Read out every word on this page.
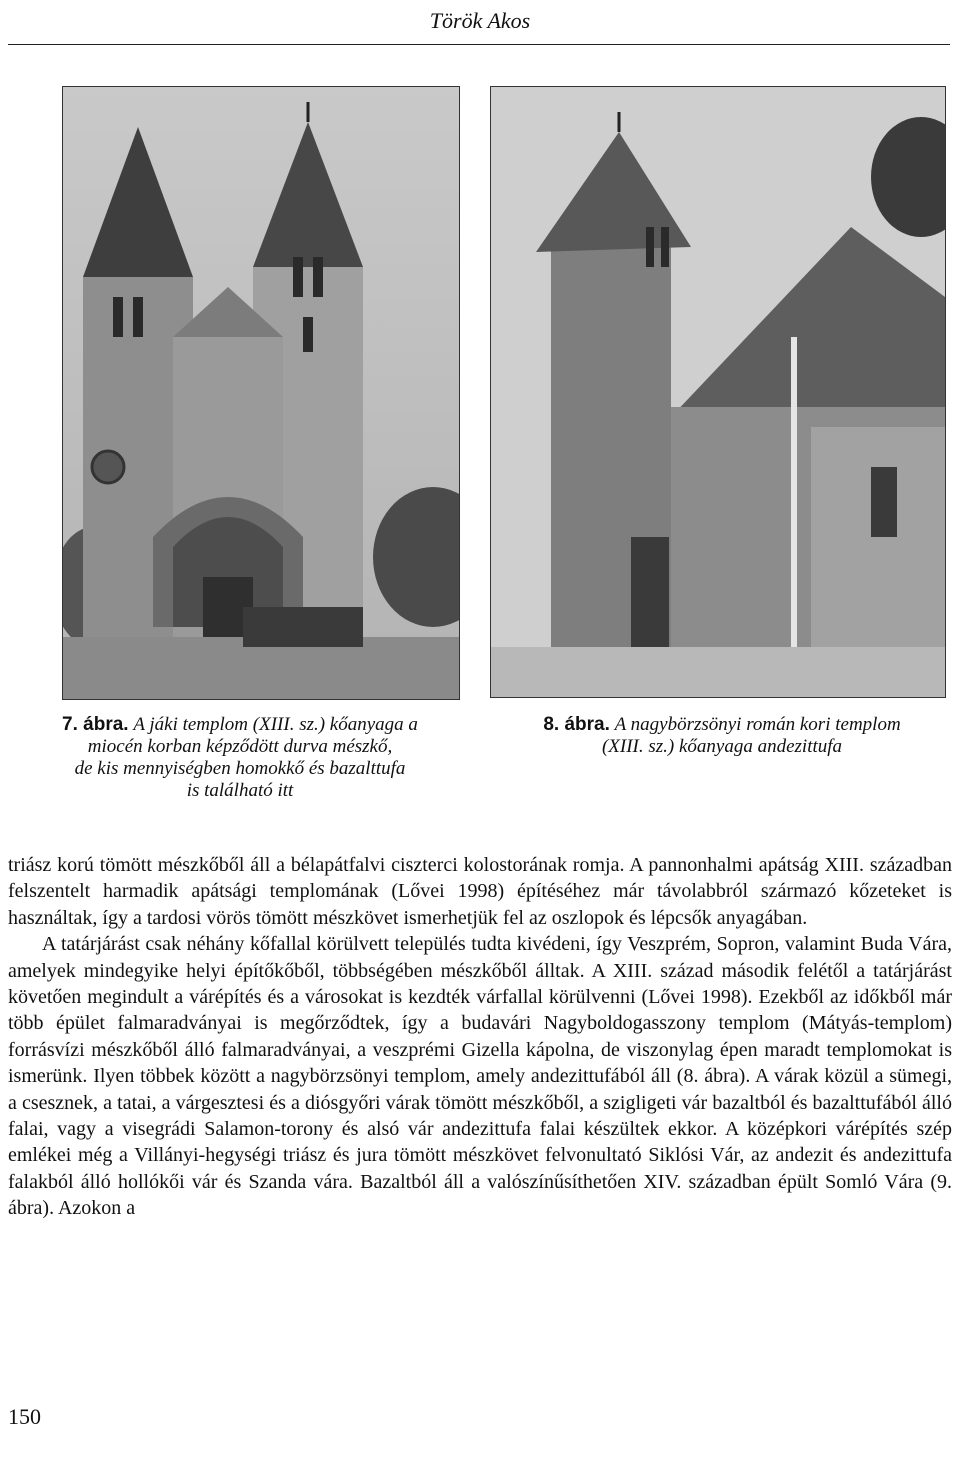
Török Akos
7. ábra. A jáki templom (XIII. sz.) kőanyaga a
miocén korban képződött durva mészkő,
de kis mennyiségben homokkő és bazalttufa
is található itt
8. ábra. A nagybörzsönyi román kori templom
(XIII. sz.) kőanyaga andezittufa

triász korú tömött mészkőből áll a bélapátfalvi ciszterci kolostorának romja. A pannonhalmi apátság XIII. században felszentelt harmadik apátsági templomának (Lővei 1998) építéséhez már távolabbról származó kőzeteket is használtak, így a tardosi vörös tömött mészkövet ismerhetjük fel az oszlopok és lépcsők anyagában.

A tatárjárást csak néhány kőfallal körülvett település tudta kivédeni, így Veszprém, Sopron, valamint Buda Vára, amelyek mindegyike helyi építőkőből, többségében mészkőből álltak. A XIII. század második felétől a tatárjárást követően megindult a várépítés és a városokat is kezdték várfallal körülvenni (Lővei 1998). Ezekből az időkből már több épület falmaradványai is megőrződtek, így a budavári Nagyboldogasszony templom (Mátyás-templom) forrásvízi mészkőből álló falmaradványai, a veszprémi Gizella kápolna, de viszonylag épen maradt templomokat is ismerünk. Ilyen többek között a nagybörzsönyi templom, amely andezittufából áll (8. ábra). A várak közül a sümegi, a csesznek, a tatai, a várgesztesi és a diósgyőri várak tömött mészkőből, a szigligeti vár bazaltból és bazalttufából álló falai, vagy a visegrádi Salamon-torony és alsó vár andezittufa falai készültek ekkor. A középkori várépítés szép emlékei még a Villányi-hegységi triász és jura tömött mészkövet felvonultató Siklósi Vár, az andezit és andezittufa falakból álló hollókői vár és Szanda vára. Bazaltból áll a valószínűsíthetően XIV. században épült Somló Vára (9. ábra). Azokon a

150
